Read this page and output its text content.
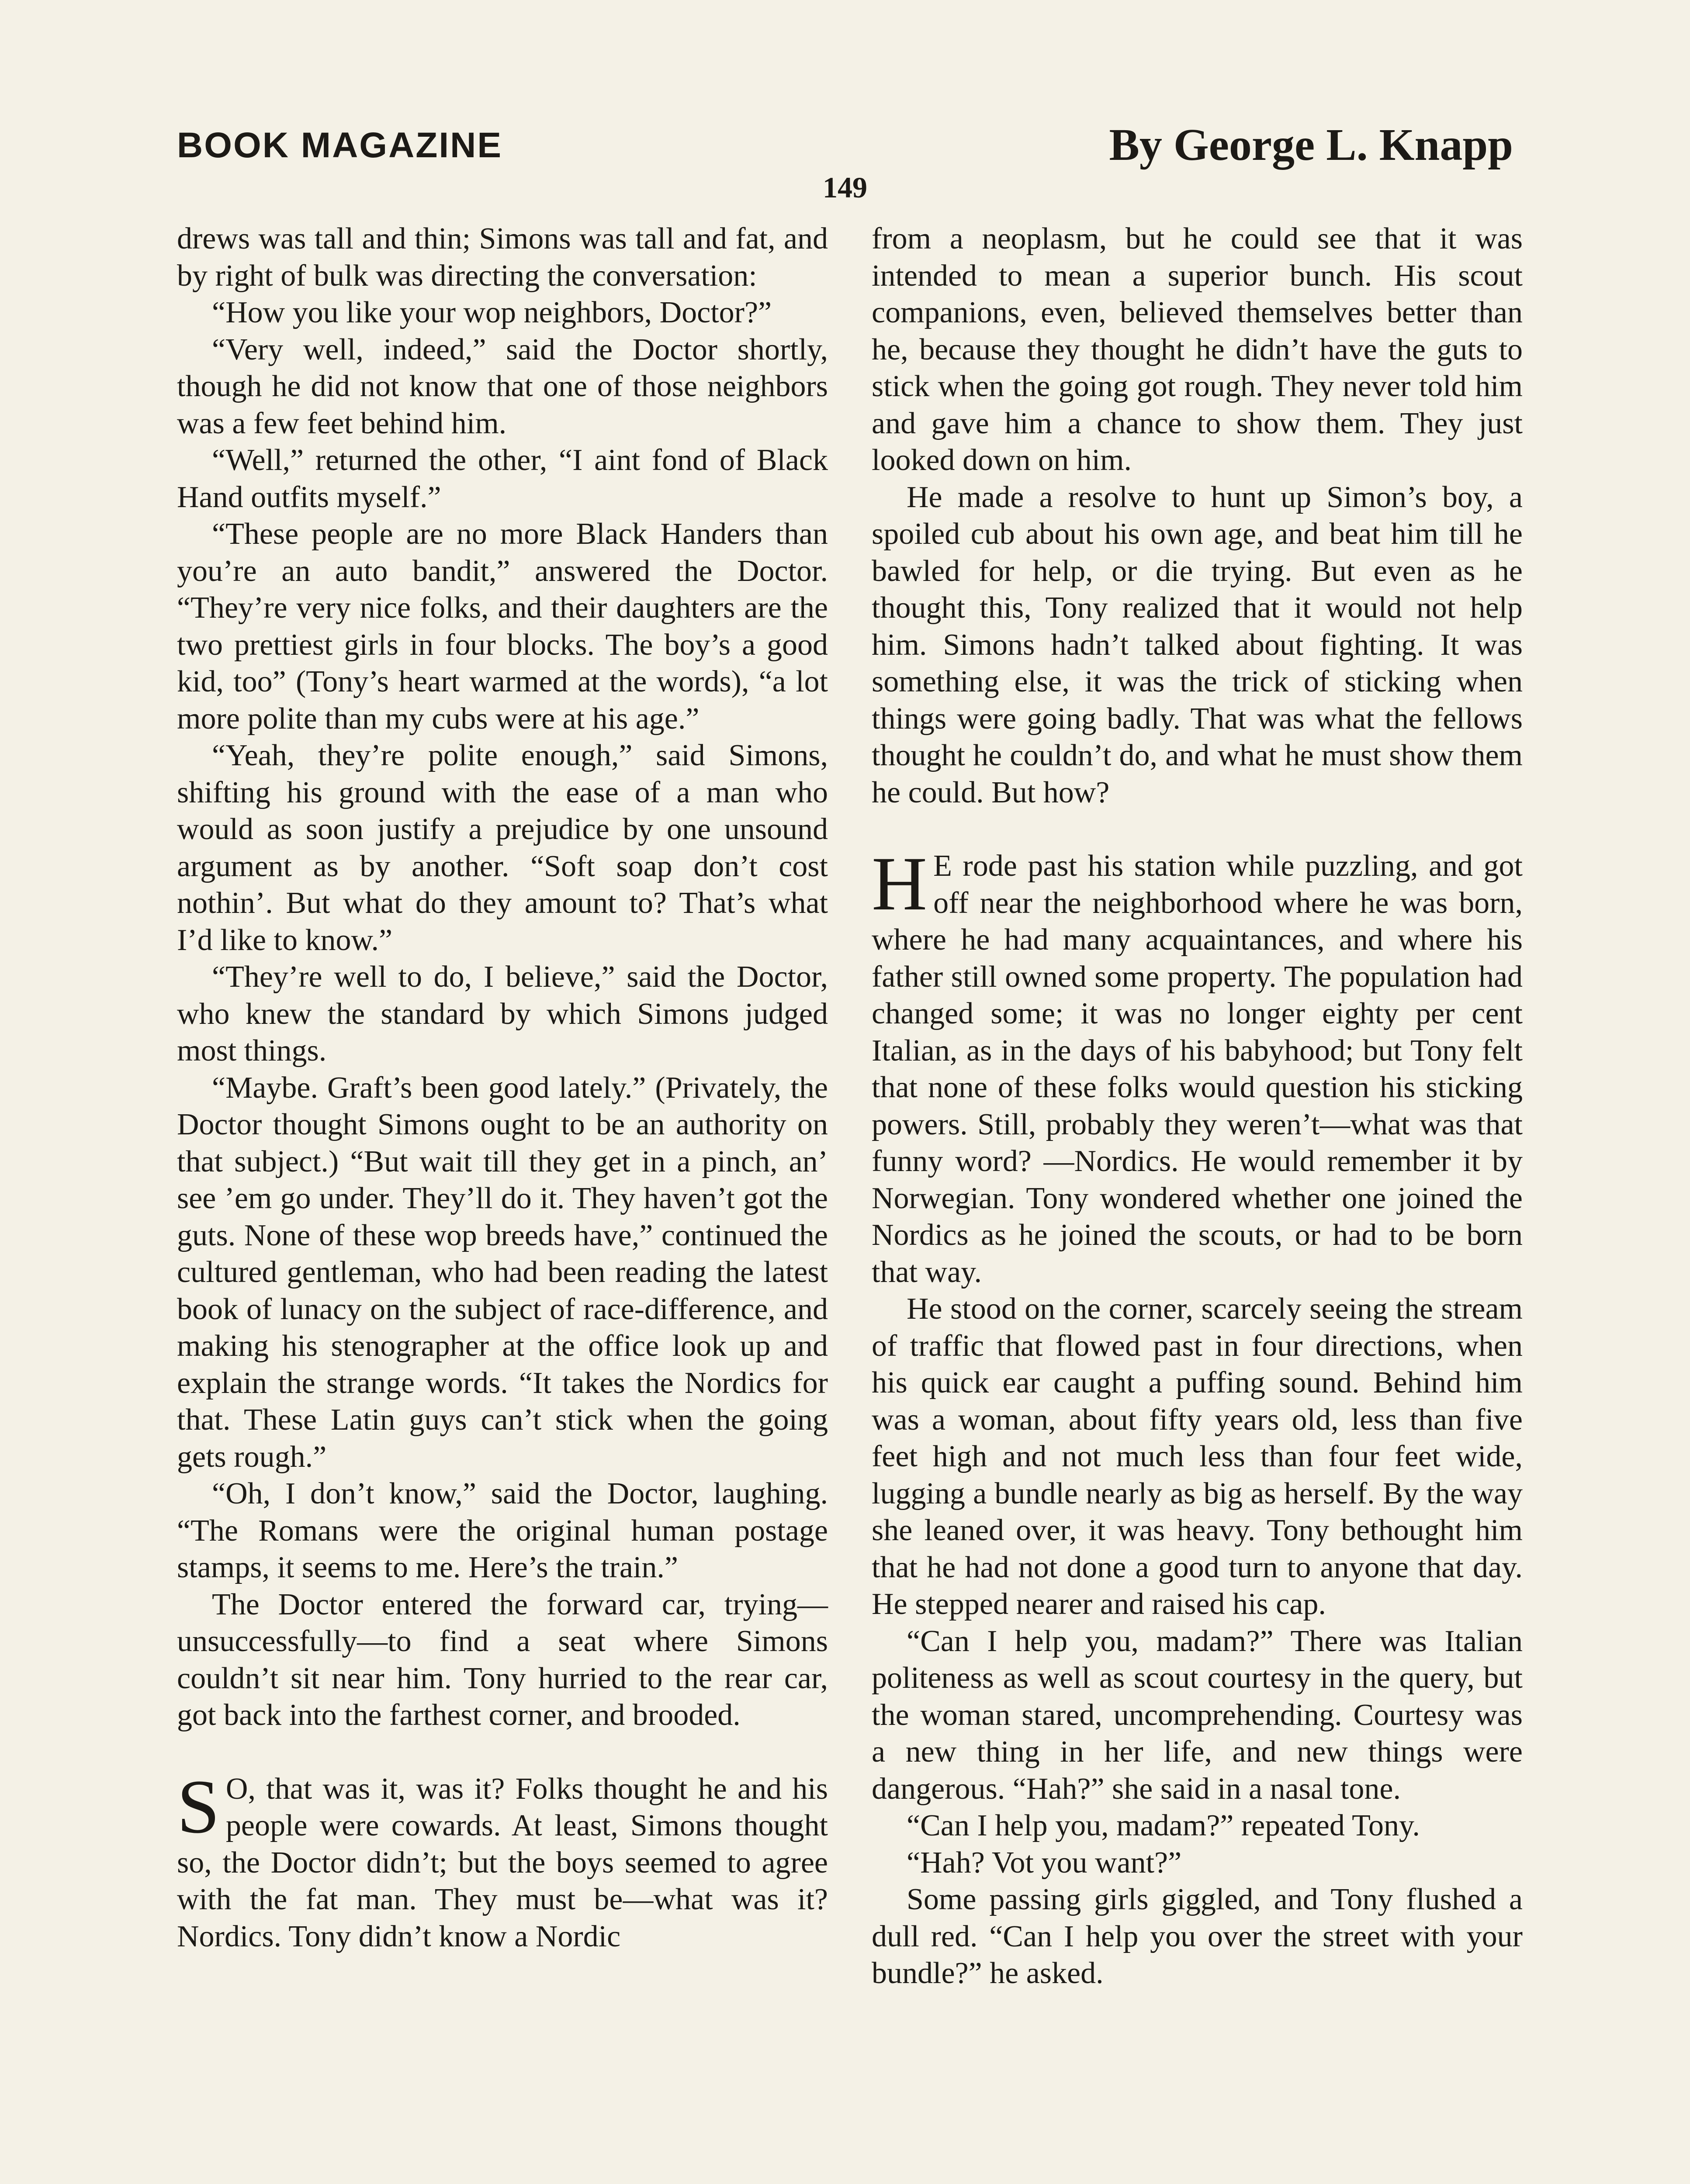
BOOK MAGAZINE	By George L. Knapp
149

drews was tall and thin; Simons was tall and fat, and by right of bulk was directing the conversation:

“How you like your wop neighbors, Doctor?”

“Very well, indeed,” said the Doctor shortly, though he did not know that one of those neighbors was a few feet behind him.

“Well,” returned the other, “I aint fond of Black Hand outfits myself.”

“These people are no more Black Handers than you’re an auto bandit,” answered the Doctor. “They’re very nice folks, and their daughters are the two prettiest girls in four blocks. The boy’s a good kid, too” (Tony’s heart warmed at the words), “a lot more polite than my cubs were at his age.”

“Yeah, they’re polite enough,” said Simons, shifting his ground with the ease of a man who would as soon justify a prejudice by one unsound argument as by another. “Soft soap don’t cost nothin’. But what do they amount to? That’s what I’d like to know.”

“They’re well to do, I believe,” said the Doctor, who knew the standard by which Simons judged most things.

“Maybe. Graft’s been good lately.” (Privately, the Doctor thought Simons ought to be an authority on that subject.) “But wait till they get in a pinch, an’ see ’em go under. They’ll do it. They haven’t got the guts. None of these wop breeds have,” continued the cultured gentleman, who had been reading the latest book of lunacy on the subject of race-difference, and making his stenographer at the office look up and explain the strange words. “It takes the Nordics for that. These Latin guys can’t stick when the going gets rough.”

“Oh, I don’t know,” said the Doctor, laughing. “The Romans were the original human postage stamps, it seems to me. Here’s the train.”

The Doctor entered the forward car, trying—unsuccessfully—to find a seat where Simons couldn’t sit near him. Tony hurried to the rear car, got back into the farthest corner, and brooded.

S O, that was it, was it? Folks thought he and his people were cowards. At least, Simons thought so, the Doctor didn’t; but the boys seemed to agree with the fat man. They must be—what was it? Nordics. Tony didn’t know a Nordic

from a neoplasm, but he could see that it was intended to mean a superior bunch. His scout companions, even, believed themselves better than he, because they thought he didn’t have the guts to stick when the going got rough. They never told him and gave him a chance to show them. They just looked down on him.

He made a resolve to hunt up Simon’s boy, a spoiled cub about his own age, and beat him till he bawled for help, or die trying. But even as he thought this, Tony realized that it would not help him. Simons hadn’t talked about fighting. It was something else, it was the trick of sticking when things were going badly. That was what the fellows thought he couldn’t do, and what he must show them he could. But how?

H E rode past his station while puzzling, and got off near the neighborhood where he was born, where he had many acquaintances, and where his father still owned some property. The population had changed some; it was no longer eighty per cent Italian, as in the days of his babyhood; but Tony felt that none of these folks would question his sticking powers. Still, probably they weren’t—what was that funny word? —Nordics. He would remember it by Norwegian. Tony wondered whether one joined the Nordics as he joined the scouts, or had to be born that way.

He stood on the corner, scarcely seeing the stream of traffic that flowed past in four directions, when his quick ear caught a puffing sound. Behind him was a woman, about fifty years old, less than five feet high and not much less than four feet wide, lugging a bundle nearly as big as herself. By the way she leaned over, it was heavy. Tony bethought him that he had not done a good turn to anyone that day. He stepped nearer and raised his cap.

“Can I help you, madam?” There was Italian politeness as well as scout courtesy in the query, but the woman stared, uncomprehending. Courtesy was a new thing in her life, and new things were dangerous. “Hah?” she said in a nasal tone.

“Can I help you, madam?” repeated Tony.

“Hah? Vot you want?”

Some passing girls giggled, and Tony flushed a dull red. “Can I help you over the street with your bundle?” he asked.
